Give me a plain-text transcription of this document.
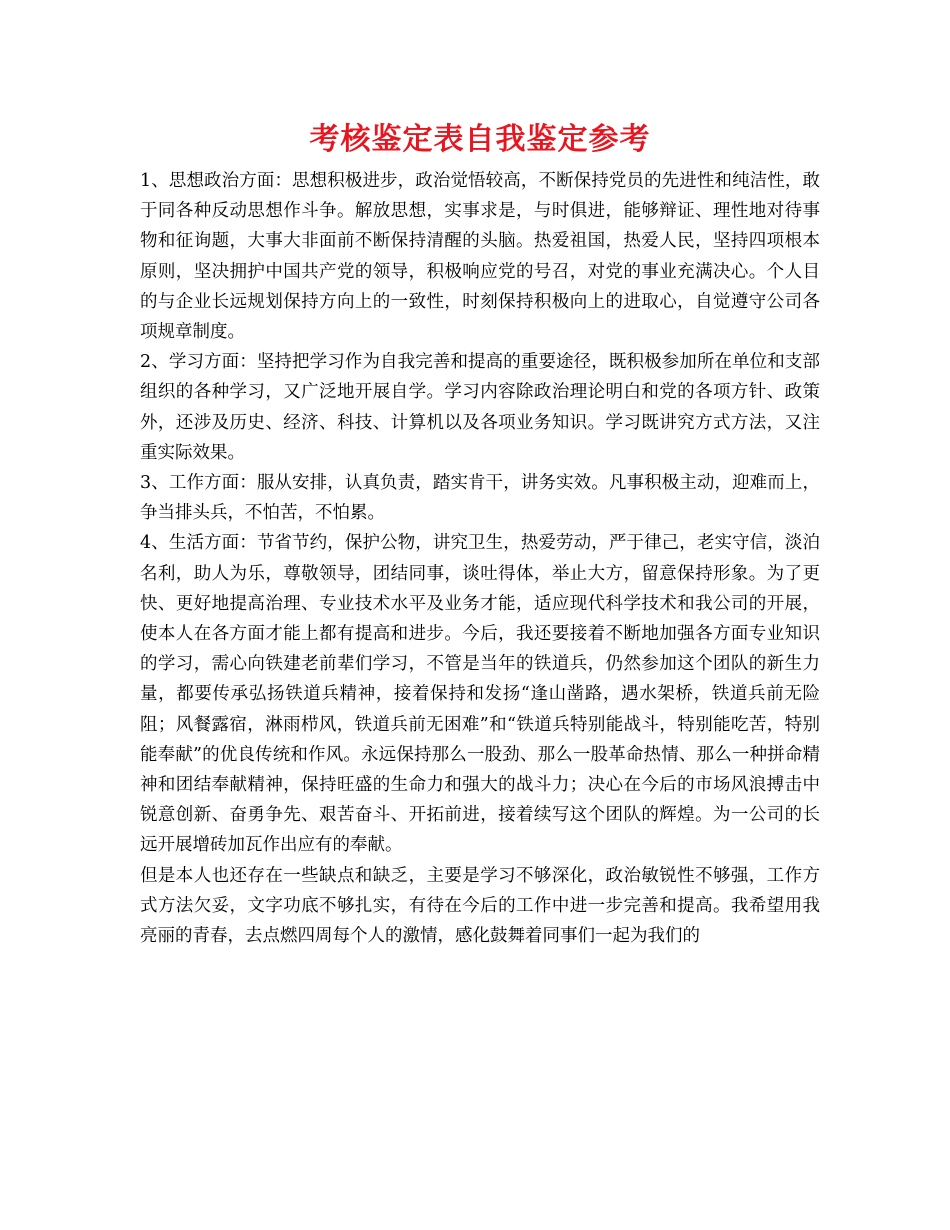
考核鉴定表自我鉴定参考

1、思想政治方面：思想积极进步，政治觉悟较高，不断保持党员的先进性和纯洁性，敢于同各种反动思想作斗争。解放思想，实事求是，与时俱进，能够辩证、理性地对待事物和征询题，大事大非面前不断保持清醒的头脑。热爱祖国，热爱人民，坚持四项根本原则，坚决拥护中国共产党的领导，积极响应党的号召，对党的事业充满决心。个人目的与企业长远规划保持方向上的一致性，时刻保持积极向上的进取心，自觉遵守公司各项规章制度。

2、学习方面：坚持把学习作为自我完善和提高的重要途径，既积极参加所在单位和支部组织的各种学习，又广泛地开展自学。学习内容除政治理论明白和党的各项方针、政策外，还涉及历史、经济、科技、计算机以及各项业务知识。学习既讲究方式方法，又注重实际效果。

3、工作方面：服从安排，认真负责，踏实肯干，讲务实效。凡事积极主动，迎难而上，争当排头兵，不怕苦，不怕累。

4、生活方面：节省节约，保护公物，讲究卫生，热爱劳动，严于律己，老实守信，淡泊名利，助人为乐，尊敬领导，团结同事，谈吐得体，举止大方，留意保持形象。为了更快、更好地提高治理、专业技术水平及业务才能，适应现代科学技术和我公司的开展，使本人在各方面才能上都有提高和进步。今后，我还要接着不断地加强各方面专业知识的学习，需心向铁建老前辈们学习，不管是当年的铁道兵，仍然参加这个团队的新生力量，都要传承弘扬铁道兵精神，接着保持和发扬“逢山凿路，遇水架桥，铁道兵前无险阻；风餐露宿，淋雨栉风，铁道兵前无困难”和“铁道兵特别能战斗，特别能吃苦，特别能奉献”的优良传统和作风。永远保持那么一股劲、那么一股革命热情、那么一种拼命精神和团结奉献精神，保持旺盛的生命力和强大的战斗力；决心在今后的市场风浪搏击中锐意创新、奋勇争先、艰苦奋斗、开拓前进，接着续写这个团队的辉煌。为一公司的长远开展增砖加瓦作出应有的奉献。

但是本人也还存在一些缺点和缺乏，主要是学习不够深化，政治敏锐性不够强，工作方式方法欠妥，文字功底不够扎实，有待在今后的工作中进一步完善和提高。我希望用我亮丽的青春，去点燃四周每个人的激情，感化鼓舞着同事们一起为我们的
